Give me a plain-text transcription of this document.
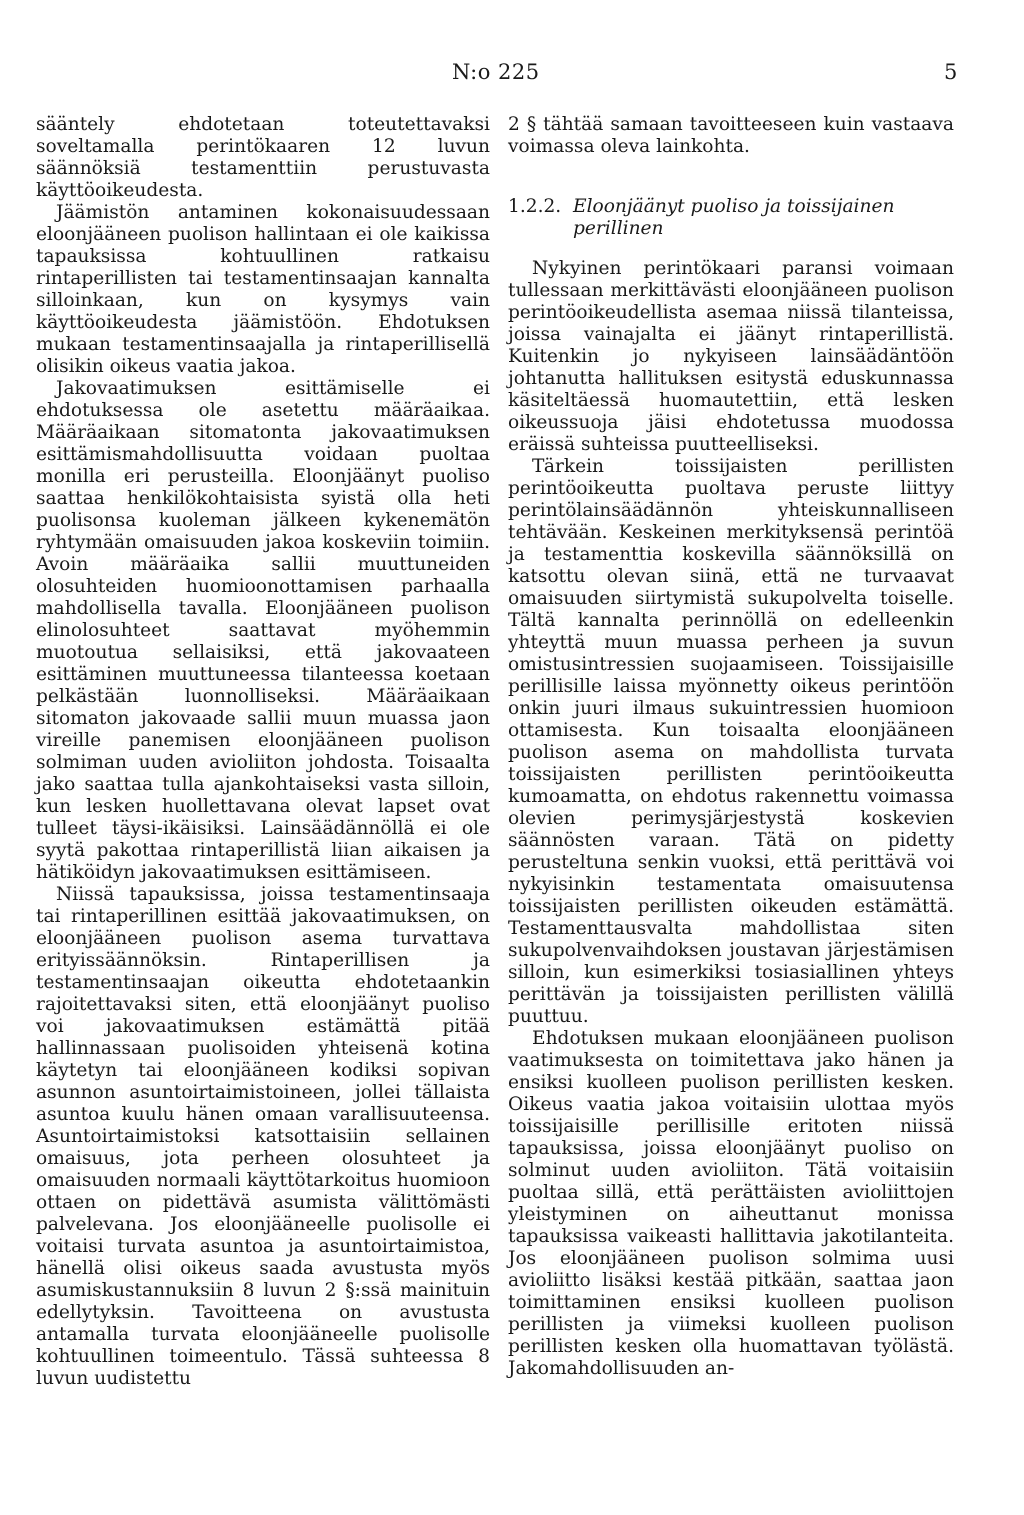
N:o 225	5

sääntely ehdotetaan toteutettavaksi soveltamalla perintökaaren 12 luvun säännöksiä testamenttiin perustuvasta käyttöoikeudesta.

Jäämistön antaminen kokonaisuudessaan eloonjääneen puolison hallintaan ei ole kaikissa tapauksissa kohtuullinen ratkaisu rintaperillisten tai testamentinsaajan kannalta silloinkaan, kun on kysymys vain käyttöoikeudesta jäämistöön. Ehdotuksen mukaan testamentinsaajalla ja rintaperillisellä olisikin oikeus vaatia jakoa.

Jakovaatimuksen esittämiselle ei ehdotuksessa ole asetettu määräaikaa. Määräaikaan sitomatonta jakovaatimuksen esittämismahdollisuutta voidaan puoltaa monilla eri perusteilla. Eloonjäänyt puoliso saattaa henkilökohtaisista syistä olla heti puolisonsa kuoleman jälkeen kykenemätön ryhtymään omaisuuden jakoa koskeviin toimiin. Avoin määräaika sallii muuttuneiden olosuhteiden huomioonottamisen parhaalla mahdollisella tavalla. Eloonjääneen puolison elinolosuhteet saattavat myöhemmin muotoutua sellaisiksi, että jakovaateen esittäminen muuttuneessa tilanteessa koetaan pelkästään luonnolliseksi. Määräaikaan sitomaton jakovaade sallii muun muassa jaon vireille panemisen eloonjääneen puolison solmiman uuden avioliiton johdosta. Toisaalta jako saattaa tulla ajankohtaiseksi vasta silloin, kun lesken huollettavana olevat lapset ovat tulleet täysi-ikäisiksi. Lainsäädännöllä ei ole syytä pakottaa rintaperillistä liian aikaisen ja hätiköidyn jakovaatimuksen esittämiseen.

Niissä tapauksissa, joissa testamentinsaaja tai rintaperillinen esittää jakovaatimuksen, on eloonjääneen puolison asema turvattava erityissäännöksin. Rintaperillisen ja testamentinsaajan oikeutta ehdotetaankin rajoitettavaksi siten, että eloonjäänyt puoliso voi jakovaatimuksen estämättä pitää hallinnassaan puolisoiden yhteisenä kotina käytetyn tai eloonjääneen kodiksi sopivan asunnon asuntoirtaimistoineen, jollei tällaista asuntoa kuulu hänen omaan varallisuuteensa. Asuntoirtaimistoksi katsottaisiin sellainen omaisuus, jota perheen olosuhteet ja omaisuuden normaali käyttötarkoitus huomioon ottaen on pidettävä asumista välittömästi palvelevana. Jos eloonjääneelle puolisolle ei voitaisi turvata asuntoa ja asuntoirtaimistoa, hänellä olisi oikeus saada avustusta myös asumiskustannuksiin 8 luvun 2 §:ssä mainituin edellytyksin. Tavoitteena on avustusta antamalla turvata eloonjääneelle puolisolle kohtuullinen toimeentulo. Tässä suhteessa 8 luvun uudistettu

2 § tähtää samaan tavoitteeseen kuin vastaava voimassa oleva lainkohta.

1.2.2. Eloonjäänyt puoliso ja toissijainen perillinen

Nykyinen perintökaari paransi voimaan tullessaan merkittävästi eloonjääneen puolison perintöoikeudellista asemaa niissä tilanteissa, joissa vainajalta ei jäänyt rintaperillistä. Kuitenkin jo nykyiseen lainsäädäntöön johtanutta hallituksen esitystä eduskunnassa käsiteltäessä huomautettiin, että lesken oikeussuoja jäisi ehdotetussa muodossa eräissä suhteissa puutteelliseksi.

Tärkein toissijaisten perillisten perintöoikeutta puoltava peruste liittyy perintölainsäädännön yhteiskunnalliseen tehtävään. Keskeinen merkityksensä perintöä ja testamenttia koskevilla säännöksillä on katsottu olevan siinä, että ne turvaavat omaisuuden siirtymistä sukupolvelta toiselle. Tältä kannalta perinnöllä on edelleenkin yhteyttä muun muassa perheen ja suvun omistusintressien suojaamiseen. Toissijaisille perillisille laissa myönnetty oikeus perintöön onkin juuri ilmaus sukuintressien huomioon ottamisesta. Kun toisaalta eloonjääneen puolison asema on mahdollista turvata toissijaisten perillisten perintöoikeutta kumoamatta, on ehdotus rakennettu voimassa olevien perimysjärjestystä koskevien säännösten varaan. Tätä on pidetty perusteltuna senkin vuoksi, että perittävä voi nykyisinkin testamentata omaisuutensa toissijaisten perillisten oikeuden estämättä. Testamenttausvalta mahdollistaa siten sukupolvenvaihdoksen joustavan järjestämisen silloin, kun esimerkiksi tosiasiallinen yhteys perittävän ja toissijaisten perillisten välillä puuttuu.

Ehdotuksen mukaan eloonjääneen puolison vaatimuksesta on toimitettava jako hänen ja ensiksi kuolleen puolison perillisten kesken. Oikeus vaatia jakoa voitaisiin ulottaa myös toissijaisille perillisille eritoten niissä tapauksissa, joissa eloonjäänyt puoliso on solminut uuden avioliiton. Tätä voitaisiin puoltaa sillä, että perättäisten avioliittojen yleistyminen on aiheuttanut monissa tapauksissa vaikeasti hallittavia jakotilanteita. Jos eloonjääneen puolison solmima uusi avioliitto lisäksi kestää pitkään, saattaa jaon toimittaminen ensiksi kuolleen puolison perillisten ja viimeksi kuolleen puolison perillisten kesken olla huomattavan työlästä. Jakomahdollisuuden an-
